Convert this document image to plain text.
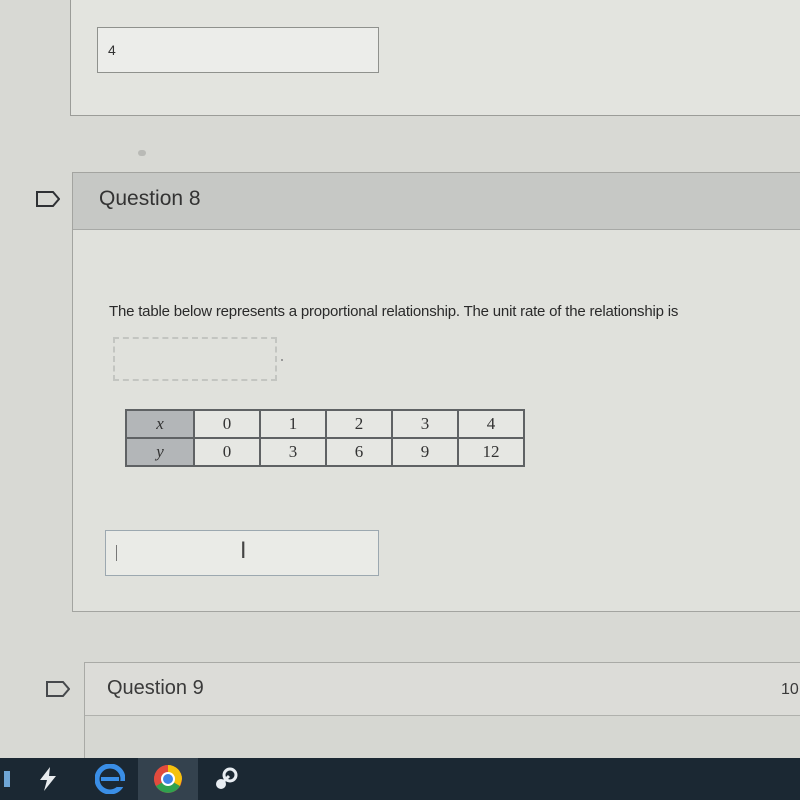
4
Question 8
The table below represents a proportional relationship. The unit rate of the relationship is
x	0	1	2	3	4
y	0	3	6	9	12
I
Question 9	10
